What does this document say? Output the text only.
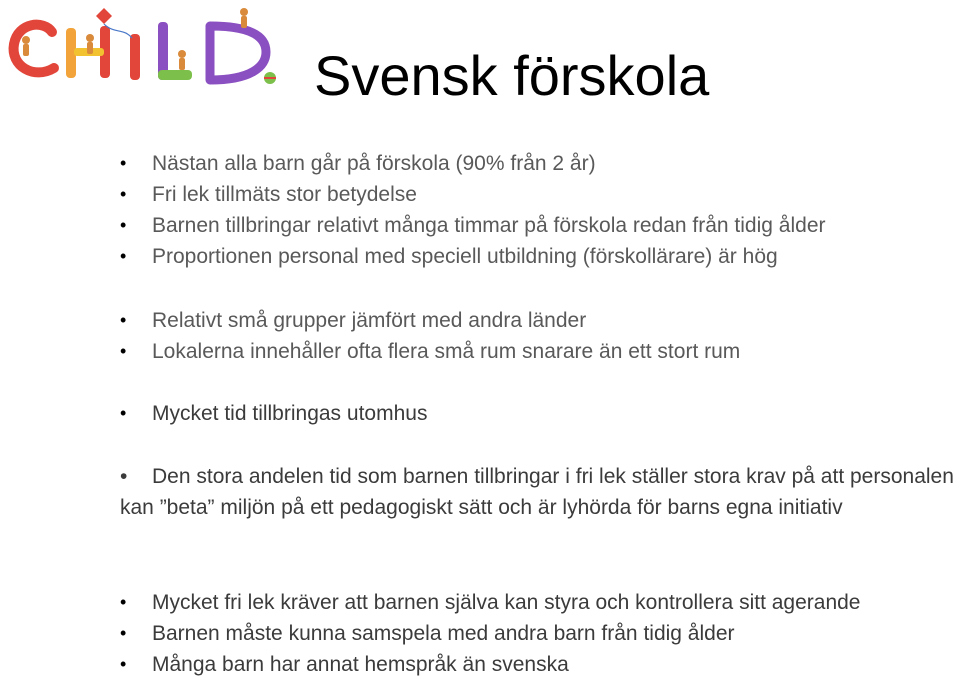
Svensk förskola
•	Nästan alla barn går på förskola (90% från 2 år)
•	Fri lek tillmäts stor betydelse
•	Barnen tillbringar relativt många timmar på förskola redan från tidig ålder
•	Proportionen personal med speciell utbildning (förskollärare) är hög
•	Relativt små grupper jämfört med andra länder
•	Lokalerna innehåller ofta flera små rum snarare än ett stort rum
•	Mycket tid tillbringas utomhus
•	Den stora andelen tid som barnen tillbringar i fri lek ställer stora krav på att personalen kan ”beta” miljön på ett pedagogiskt sätt och är lyhörda för barns egna initiativ
•	Mycket fri lek kräver att barnen själva kan styra och kontrollera sitt agerande
•	Barnen måste kunna samspela med andra barn från tidig ålder
•	Många barn har annat hemspråk än svenska
